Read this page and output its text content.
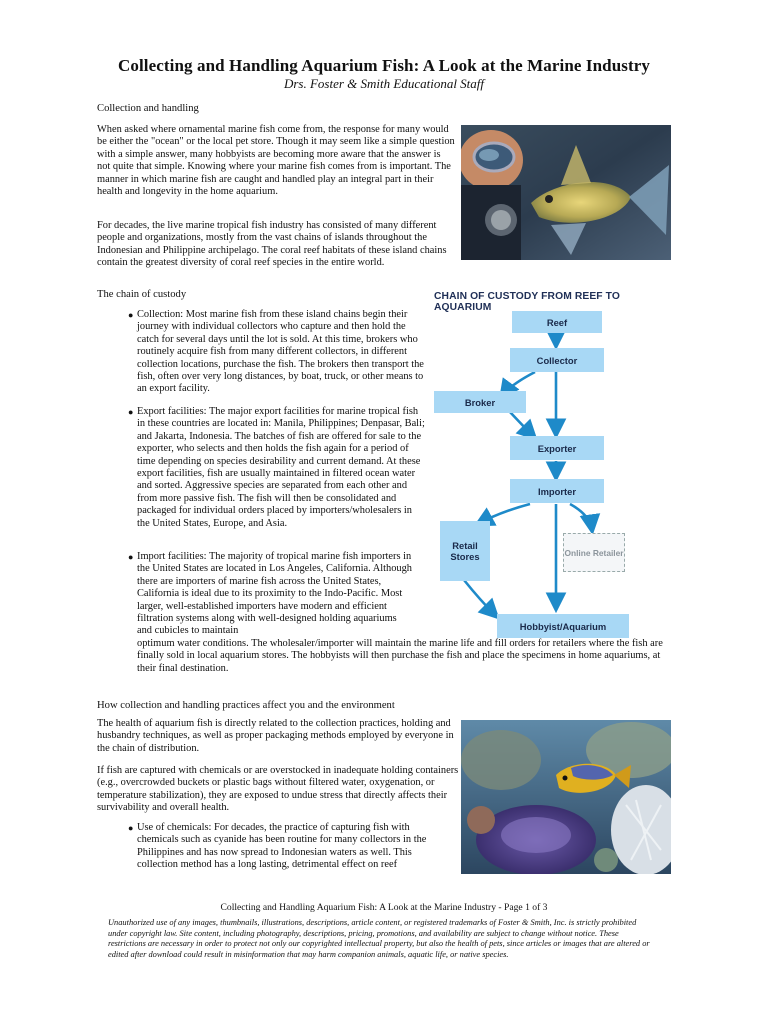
Collecting and Handling Aquarium Fish: A Look at the Marine Industry
Drs. Foster & Smith Educational Staff
Collection and handling

When asked where ornamental marine fish come from, the response for many would be either the "ocean" or the local pet store. Though it may seem like a simple question with a simple answer, many hobbyists are becoming more aware that the answer is not quite that simple. Knowing where your marine fish comes from is important. The manner in which marine fish are caught and handled play an integral part in their health and longevity in the home aquarium.

For decades, the live marine tropical fish industry has consisted of many different people and organizations, mostly from the vast chains of islands throughout the Indonesian and Philippine archipelago. The coral reef habitats of these island chains contain the greatest diversity of coral reef species in the entire world.

The chain of custody
● Collection: Most marine fish from these island chains begin their journey with individual collectors who capture and then hold the catch for several days until the lot is sold. At this time, brokers who routinely acquire fish from many different collectors, in different collection locations, purchase the fish. The brokers then transport the fish, often over very long distances, by boat, truck, or other means to an export facility.
● Export facilities: The major export facilities for marine tropical fish in these countries are located in: Manila, Philippines; Denpasar, Bali; and Jakarta, Indonesia. The batches of fish are offered for sale to the exporter, who selects and then holds the fish again for a period of time depending on species desirability and current demand. At these export facilities, fish are usually maintained in filtered ocean water and sorted. Aggressive species are separated from each other and from more passive fish. The fish will then be consolidated and packaged for individual orders placed by importers/wholesalers in the United States, Europe, and Asia.
● Import facilities: The majority of tropical marine fish importers in the United States are located in Los Angeles, California. Although there are importers of marine fish across the United States, California is ideal due to its proximity to the Indo-Pacific. Most larger, well-established importers have modern and efficient filtration systems along with well-designed holding aquariums and cubicles to maintain

optimum water conditions. The wholesaler/importer will maintain the marine life and fill orders for retailers where the fish are finally sold in local aquarium stores. The hobbyists will then purchase the fish and place the specimens in home aquariums, at their final destination.

CHAIN OF CUSTODY FROM REEF TO AQUARIUM
Reef
Collector
Broker
Exporter
Importer
Retail Stores	Online Retailer
Hobbyist/Aquarium
How collection and handling practices affect you and the environment

The health of aquarium fish is directly related to the collection practices, holding and husbandry techniques, as well as proper packaging methods employed by everyone in the chain of distribution.

If fish are captured with chemicals or are overstocked in inadequate holding containers (e.g., overcrowded buckets or plastic bags without filtered water, oxygenation, or temperature stabilization), they are exposed to undue stress that directly affects their survivability and overall health.

● Use of chemicals: For decades, the practice of capturing fish with chemicals such as cyanide has been routine for many collectors in the Philippines and has now spread to Indonesian waters as well. This collection method has a long lasting, detrimental effect on reef
Collecting and Handling Aquarium Fish: A Look at the Marine Industry - Page 1 of 3
Unauthorized use of any images, thumbnails, illustrations, descriptions, article content, or registered trademarks of Foster & Smith, Inc. is strictly prohibited under copyright law. Site content, including photography, descriptions, pricing, promotions, and availability are subject to change without notice. These restrictions are necessary in order to protect not only our copyrighted intellectual property, but also the health of pets, since articles or images that are altered or edited after download could result in misinformation that may harm companion animals, aquatic life, or native species.
